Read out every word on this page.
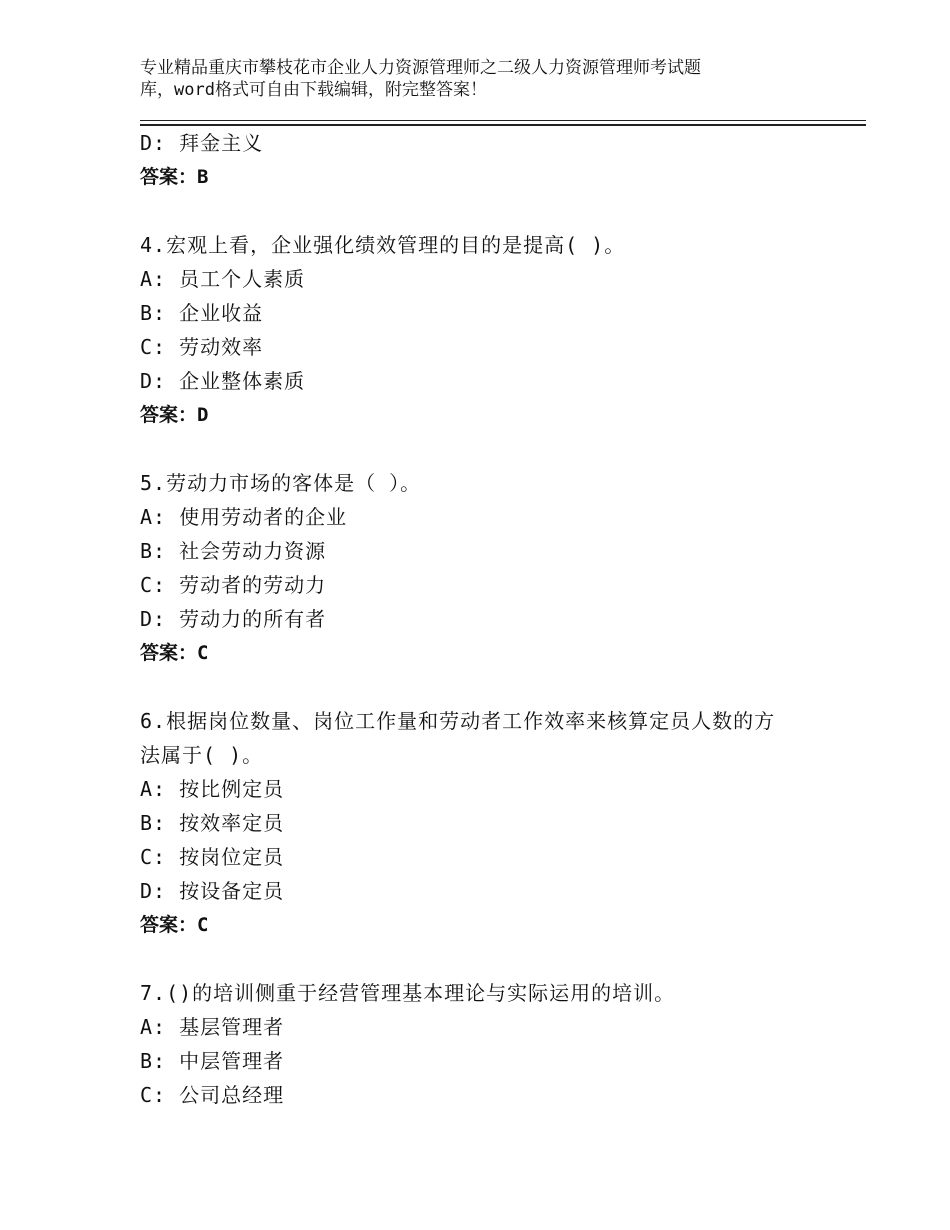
专业精品重庆市攀枝花市企业人力资源管理师之二级人力资源管理师考试题
库，word格式可自由下载编辑，附完整答案！
D: 拜金主义
答案：B
4.宏观上看，企业强化绩效管理的目的是提高( )。
A: 员工个人素质
B: 企业收益
C: 劳动效率
D: 企业整体素质
答案：D
5.劳动力市场的客体是（ ）。
A: 使用劳动者的企业
B: 社会劳动力资源
C: 劳动者的劳动力
D: 劳动力的所有者
答案：C
6.根据岗位数量、岗位工作量和劳动者工作效率来核算定员人数的方
法属于( )。
A: 按比例定员
B: 按效率定员
C: 按岗位定员
D: 按设备定员
答案：C
7.()的培训侧重于经营管理基本理论与实际运用的培训。
A: 基层管理者
B: 中层管理者
C: 公司总经理
